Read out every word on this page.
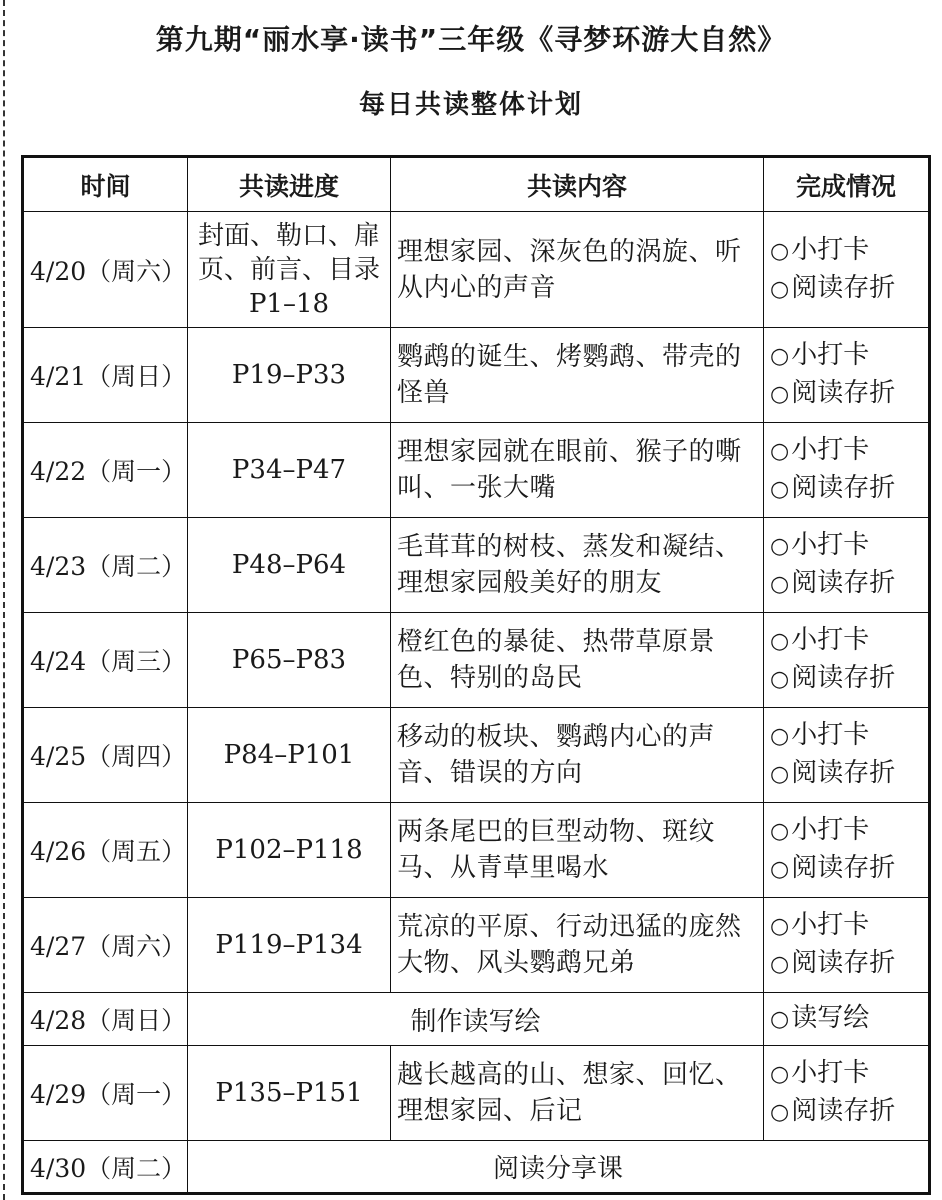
第九期“丽水享·读书”三年级《寻梦环游大自然》
每日共读整体计划
时间	共读进度	共读内容	完成情况
4/20（周六）	封面、勒口、扉页、前言、目录P1–18	理想家园、深灰色的涡旋、听从内心的声音	○小打卡
○阅读存折

4/21（周日）	P19–P33	鹦鹉的诞生、烤鹦鹉、带壳的怪兽	○小打卡
○阅读存折

4/22（周一）	P34–P47	理想家园就在眼前、猴子的嘶叫、一张大嘴	○小打卡
○阅读存折

4/23（周二）	P48–P64	毛茸茸的树枝、蒸发和凝结、理想家园般美好的朋友	○小打卡
○阅读存折

4/24（周三）	P65–P83	橙红色的暴徒、热带草原景色、特别的岛民	○小打卡
○阅读存折

4/25（周四）	P84–P101	移动的板块、鹦鹉内心的声音、错误的方向	○小打卡
○阅读存折

4/26（周五）	P102–P118	两条尾巴的巨型动物、斑纹马、从青草里喝水	○小打卡
○阅读存折

4/27（周六）	P119–P134	荒凉的平原、行动迅猛的庞然大物、风头鹦鹉兄弟	○小打卡
○阅读存折

4/28（周日）	制作读写绘		○读写绘

4/29（周一）	P135–P151	越长越高的山、想家、回忆、理想家园、后记	○小打卡
○阅读存折

4/30（周二）	阅读分享课		
